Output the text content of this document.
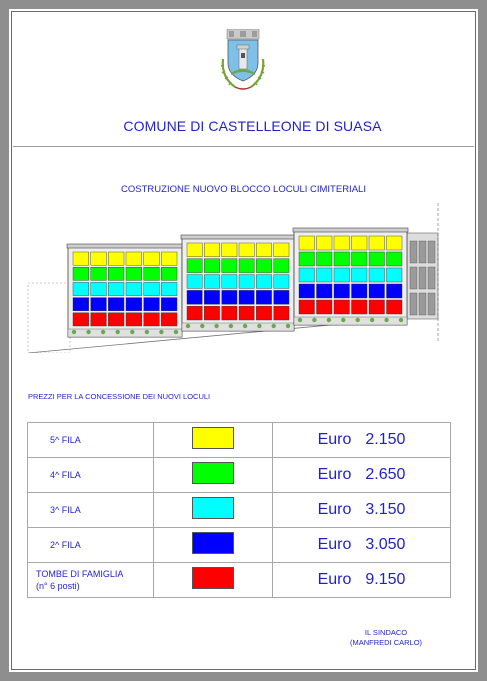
COMUNE DI CASTELLEONE DI SUASA
COSTRUZIONE NUOVO BLOCCO LOCULI CIMITERIALI
PREZZI PER LA CONCESSIONE DEI NUOVI LOCULI
5^ FILA		Euro 2.150

4^ FILA		Euro 2.650

3^ FILA		Euro 3.150

2^ FILA		Euro 3.050

TOMBE DI FAMIGLIA
(n° 6 posti)		Euro 9.150
IL SINDACO
(MANFREDI CARLO)
